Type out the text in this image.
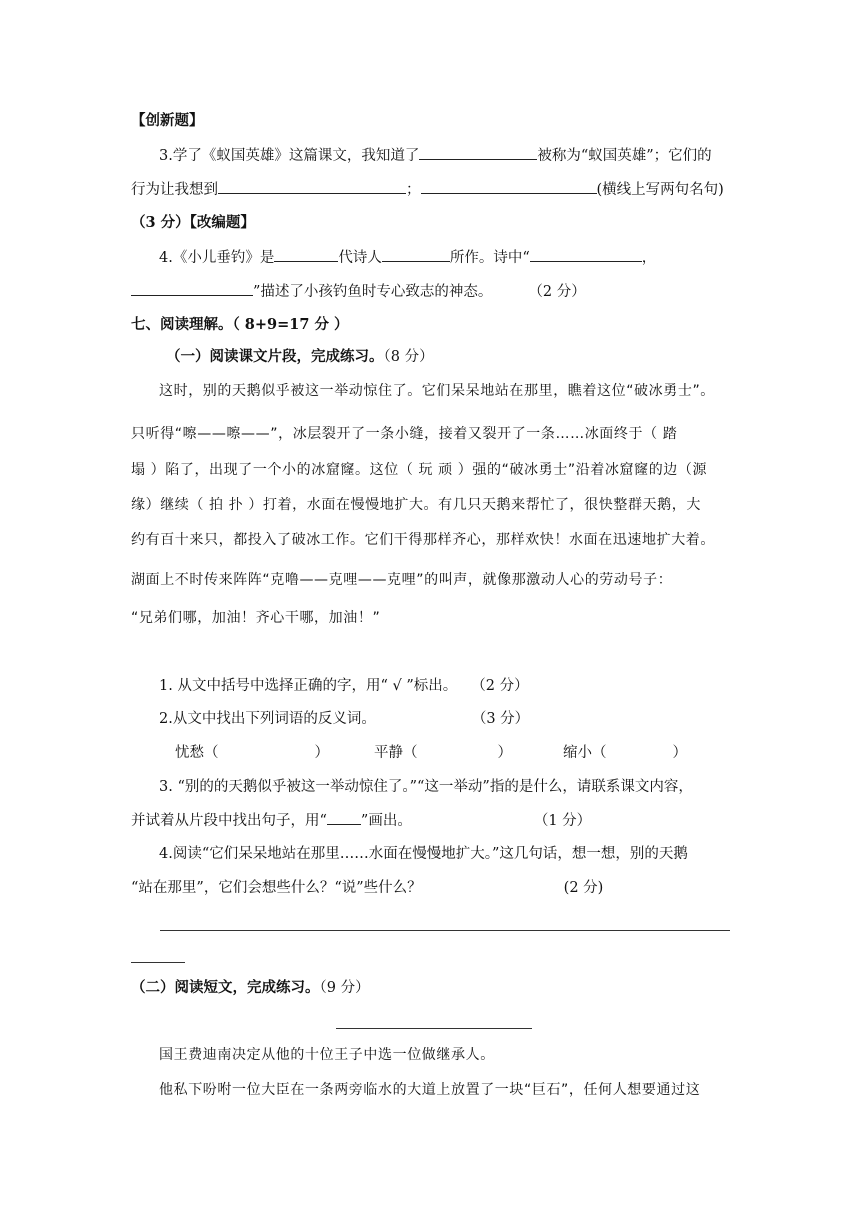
【创新题】
3.学了《蚁国英雄》这篇课文，我知道了	被称为“蚁国英雄”；它们的
行为让我想到	；	(横线上写两句名句)
（3 分）【改编题】
4.《小儿垂钓》是	代诗人	所作。诗中“	，
”描述了小孩钓鱼时专心致志的神态。 （2 分）
七、阅读理解。（ 8+9=17 分 ）
（一）阅读课文片段，完成练习。（8 分）
这时，别的天鹅似乎被这一举动惊住了。它们呆呆地站在那里，瞧着这位“破冰勇士”。
只听得“嚓——嚓——”，冰层裂开了一条小缝，接着又裂开了一条……冰面终于（ 踏
塌 ）陷了，出现了一个小的冰窟窿。这位（ 玩 顽 ）强的“破冰勇士”沿着冰窟窿的边（源
缘）继续（ 拍 扑 ）打着，水面在慢慢地扩大。有几只天鹅来帮忙了，很快整群天鹅，大
约有百十来只，都投入了破冰工作。它们干得那样齐心，那样欢快！水面在迅速地扩大着。
湖面上不时传来阵阵“克噜——克哩——克哩”的叫声，就像那激动人心的劳动号子：
“兄弟们哪，加油！齐心干哪，加油！”
1. 从文中括号中选择正确的字，用“ √ ”标出。 （2 分）
2.从文中找出下列词语的反义词。	（3 分）
忧愁（	）	平静（	）	缩小（	）
3. “别的的天鹅似乎被这一举动惊住了。”“这一举动”指的是什么，请联系课文内容，
并试着从片段中找出句子，用“ ”画出。	（1 分）
4.阅读“它们呆呆地站在那里……水面在慢慢地扩大。”这几句话，想一想，别的天鹅
“站在那里”，它们会想些什么？“说”些什么？	(2 分)
（二）阅读短文，完成练习。（9 分）
国王费迪南决定从他的十位王子中选一位做继承人。
他私下吩咐一位大臣在一条两旁临水的大道上放置了一块“巨石”，任何人想要通过这
